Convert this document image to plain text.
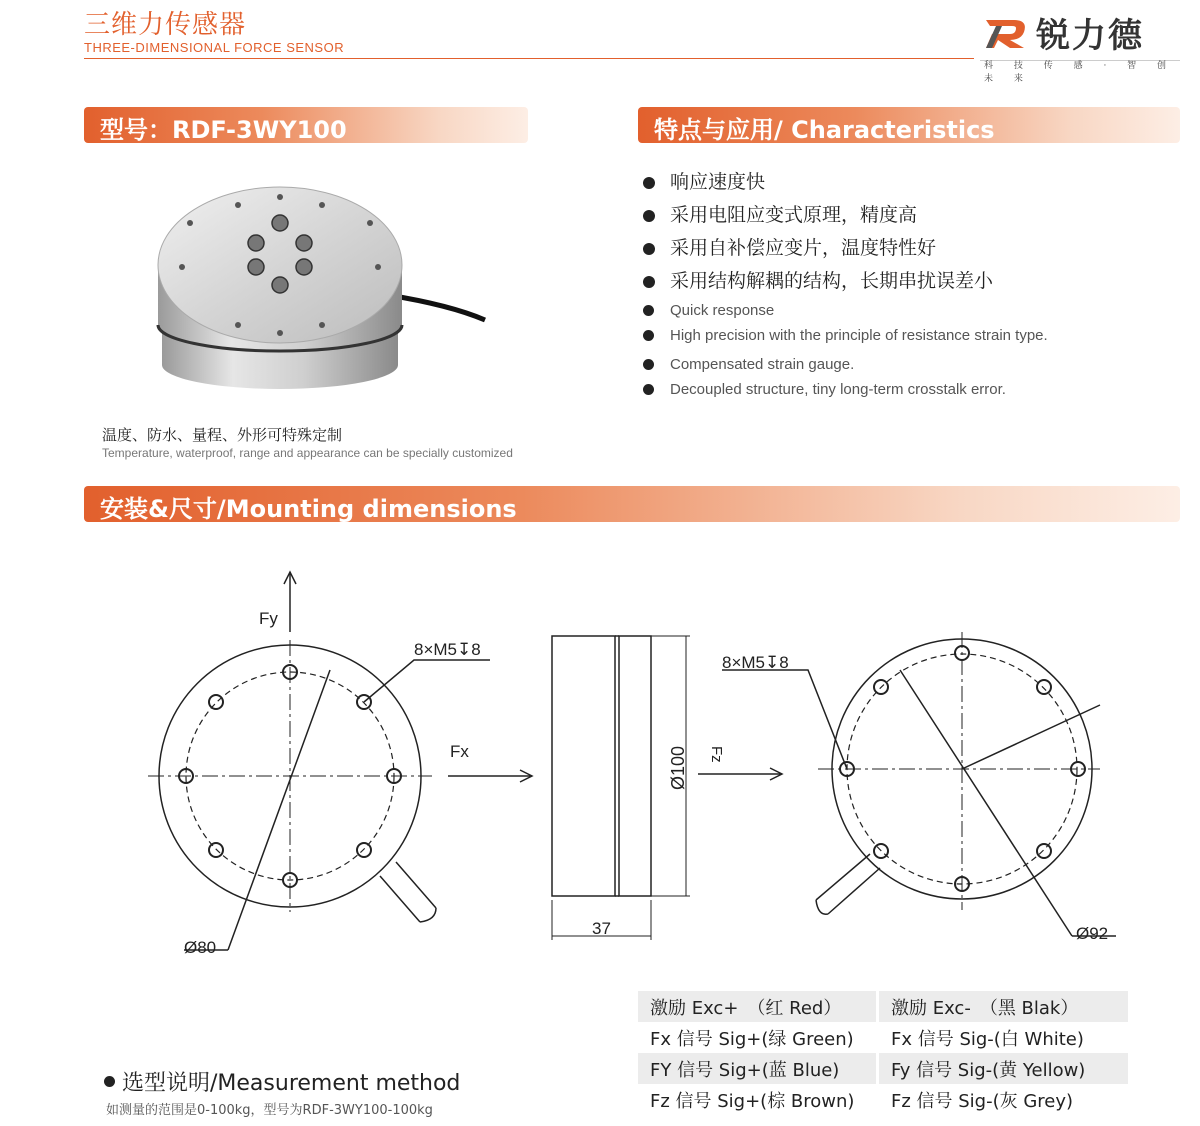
三维力传感器
THREE-DIMENSIONAL FORCE SENSOR	锐力德
科 技 传 感 · 智 创 未 来
型号：RDF-3WY100	特点与应用/ Characteristics
响应速度快
采用电阻应变式原理，精度高
采用自补偿应变片，温度特性好
采用结构解耦的结构，长期串扰误差小
Quick response
High precision with the principle of resistance strain type.
Compensated strain gauge.
Decoupled structure, tiny long-term crosstalk error.
温度、防水、量程、外形可特殊定制
Temperature, waterproof, range and appearance can be specially customized
安装&尺寸/Mounting dimensions
Fy
8×M5↧8
Ø80
Fx	Ø100
37
Fz
8×M5↧8
Ø92
激励 Exc+　（红 Red）	激励 Exc-　（黑 Blak）
Fx 信号 Sig+(绿 Green)	Fx 信号 Sig-(白 White)
FY 信号 Sig+(蓝 Blue)	Fy 信号 Sig-(黄 Yellow)
Fz 信号 Sig+(棕 Brown)	Fz 信号 Sig-(灰 Grey)
选型说明/Measurement method
如测量的范围是0-100kg，型号为RDF-3WY100-100kg
